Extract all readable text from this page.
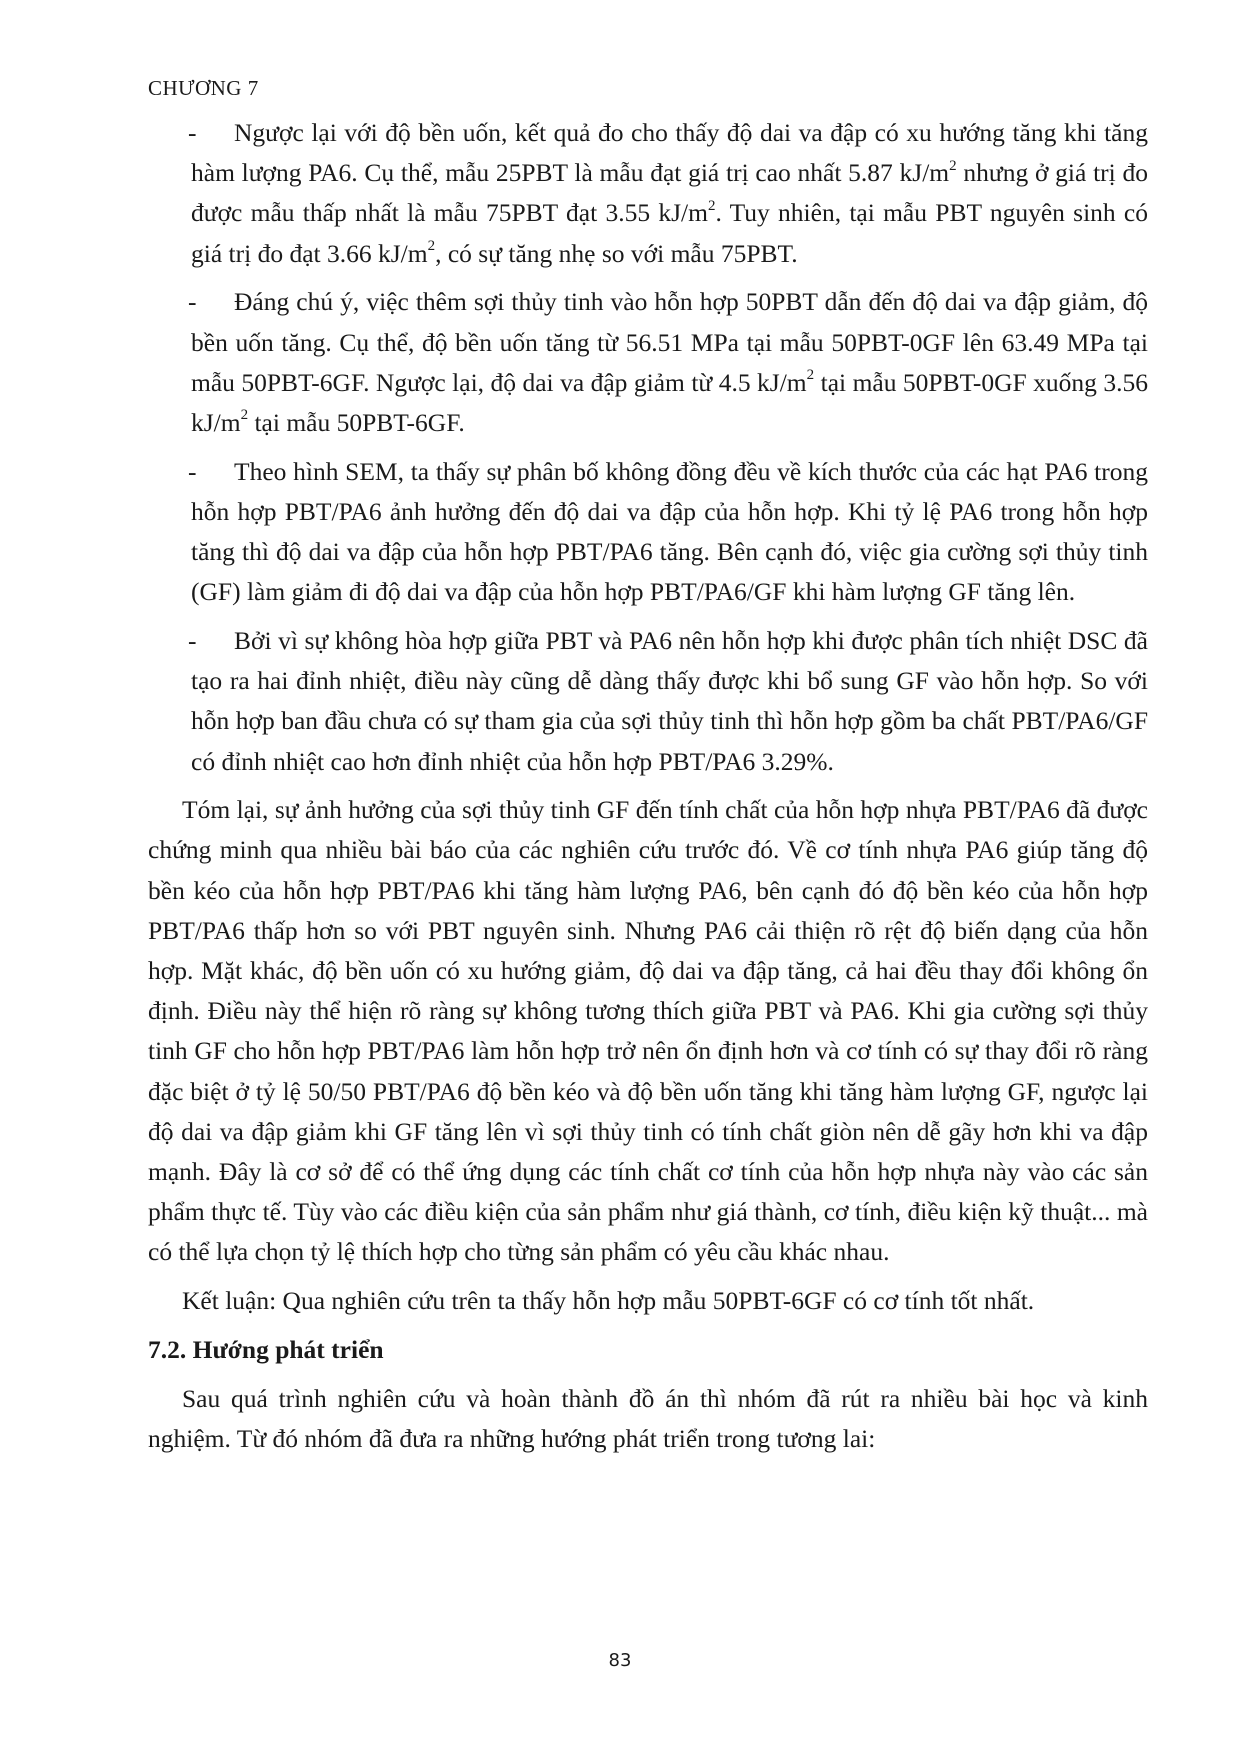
CHƯƠNG 7
-	Ngược lại với độ bền uốn, kết quả đo cho thấy độ dai va đập có xu hướng tăng khi tăng hàm lượng PA6. Cụ thể, mẫu 25PBT là mẫu đạt giá trị cao nhất 5.87 $kJ/m^2$ nhưng ở giá trị đo được mẫu thấp nhất là mẫu 75PBT đạt 3.55 $kJ/m^2$. Tuy nhiên, tại mẫu PBT nguyên sinh có giá trị đo đạt 3.66 $kJ/m^2$, có sự tăng nhẹ so với mẫu 75PBT.
-	Đáng chú ý, việc thêm sợi thủy tinh vào hỗn hợp 50PBT dẫn đến độ dai va đập giảm, độ bền uốn tăng. Cụ thể, độ bền uốn tăng từ 56.51 MPa tại mẫu 50PBT-0GF lên 63.49 MPa tại mẫu 50PBT-6GF. Ngược lại, độ dai va đập giảm từ 4.5 $kJ/m^2$ tại mẫu 50PBT-0GF xuống 3.56 $kJ/m^2$ tại mẫu 50PBT-6GF.
-	Theo hình SEM, ta thấy sự phân bố không đồng đều về kích thước của các hạt PA6 trong hỗn hợp PBT/PA6 ảnh hưởng đến độ dai va đập của hỗn hợp. Khi tỷ lệ PA6 trong hỗn hợp tăng thì độ dai va đập của hỗn hợp PBT/PA6 tăng. Bên cạnh đó, việc gia cường sợi thủy tinh (GF) làm giảm đi độ dai va đập của hỗn hợp PBT/PA6/GF khi hàm lượng GF tăng lên.
-	Bởi vì sự không hòa hợp giữa PBT và PA6 nên hỗn hợp khi được phân tích nhiệt DSC đã tạo ra hai đỉnh nhiệt, điều này cũng dễ dàng thấy được khi bổ sung GF vào hỗn hợp. So với hỗn hợp ban đầu chưa có sự tham gia của sợi thủy tinh thì hỗn hợp gồm ba chất PBT/PA6/GF có đỉnh nhiệt cao hơn đỉnh nhiệt của hỗn hợp PBT/PA6 3.29%.
Tóm lại, sự ảnh hưởng của sợi thủy tinh GF đến tính chất của hỗn hợp nhựa PBT/PA6 đã được chứng minh qua nhiều bài báo của các nghiên cứu trước đó. Về cơ tính nhựa PA6 giúp tăng độ bền kéo của hỗn hợp PBT/PA6 khi tăng hàm lượng PA6, bên cạnh đó độ bền kéo của hỗn hợp PBT/PA6 thấp hơn so với PBT nguyên sinh. Nhưng PA6 cải thiện rõ rệt độ biến dạng của hỗn hợp. Mặt khác, độ bền uốn có xu hướng giảm, độ dai va đập tăng, cả hai đều thay đổi không ổn định. Điều này thể hiện rõ ràng sự không tương thích giữa PBT và PA6. Khi gia cường sợi thủy tinh GF cho hỗn hợp PBT/PA6 làm hỗn hợp trở nên ổn định hơn và cơ tính có sự thay đổi rõ ràng đặc biệt ở tỷ lệ 50/50 PBT/PA6 độ bền kéo và độ bền uốn tăng khi tăng hàm lượng GF, ngược lại độ dai va đập giảm khi GF tăng lên vì sợi thủy tinh có tính chất giòn nên dễ gãy hơn khi va đập mạnh. Đây là cơ sở để có thể ứng dụng các tính chất cơ tính của hỗn hợp nhựa này vào các sản phẩm thực tế. Tùy vào các điều kiện của sản phẩm như giá thành, cơ tính, điều kiện kỹ thuật... mà có thể lựa chọn tỷ lệ thích hợp cho từng sản phẩm có yêu cầu khác nhau.
Kết luận: Qua nghiên cứu trên ta thấy hỗn hợp mẫu 50PBT-6GF có cơ tính tốt nhất.
7.2. Hướng phát triển
Sau quá trình nghiên cứu và hoàn thành đồ án thì nhóm đã rút ra nhiều bài học và kinh nghiệm. Từ đó nhóm đã đưa ra những hướng phát triển trong tương lai:
83
